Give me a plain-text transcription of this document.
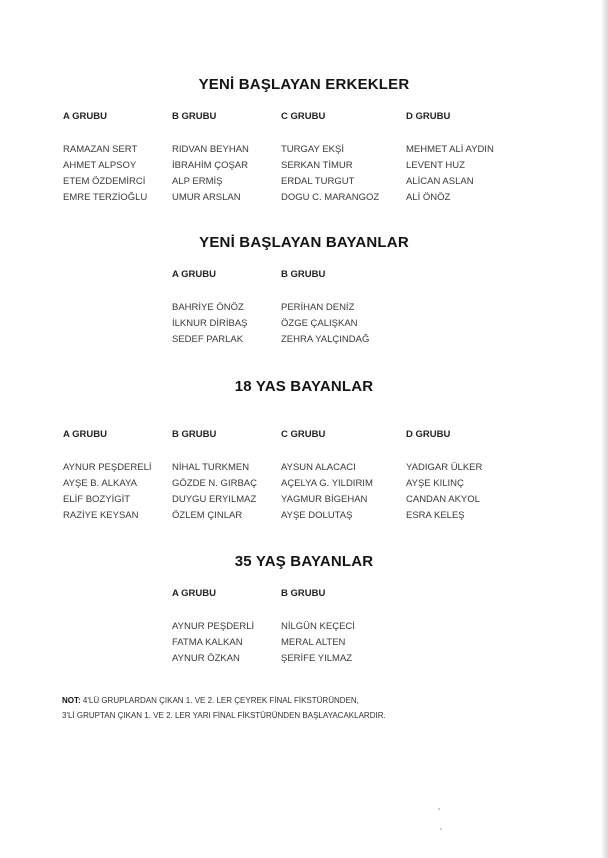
YENİ BAŞLAYAN ERKEKLER
A GRUBU
RAMAZAN SERT
AHMET ALPSOY
ETEM ÖZDEMİRCİ
EMRE TERZİOĞLU
B GRUBU
RIDVAN BEYHAN
İBRAHİM ÇOŞAR
ALP ERMİŞ
UMUR ARSLAN
C GRUBU
TURGAY EKŞİ
SERKAN TİMUR
ERDAL TURGUT
DOGU C. MARANGOZ
D GRUBU
MEHMET ALİ AYDIN
LEVENT HUZ
ALİCAN ASLAN
ALİ ÖNÖZ
YENİ BAŞLAYAN BAYANLAR
A GRUBU
BAHRİYE ÖNÖZ
İLKNUR DİRİBAŞ
SEDEF PARLAK
B GRUBU
PERİHAN DENİZ
ÖZGE ÇALIŞKAN
ZEHRA YALÇINDAĞ
18 YAS BAYANLAR
A GRUBU
AYNUR PEŞDERELİ
AYŞE B. ALKAYA
ELİF BOZYİGİT
RAZİYE KEYSAN
B GRUBU
NİHAL TURKMEN
GÖZDE N. GIRBAÇ
DUYGU ERYILMAZ
ÖZLEM ÇINLAR
C GRUBU
AYSUN ALACACI
AÇELYA G. YILDIRIM
YAGMUR BİGEHAN
AYŞE DOLUTAŞ
D GRUBU
YADIGAR ÜLKER
AYŞE KILINÇ
CANDAN AKYOL
ESRA KELEŞ
35 YAŞ BAYANLAR
A GRUBU
AYNUR PEŞDERLİ
FATMA KALKAN
AYNUR ÖZKAN
B GRUBU
NİLGÜN KEÇECİ
MERAL ALTEN
ŞERİFE YILMAZ
NOT: 4'LÜ GRUPLARDAN ÇIKAN 1. VE 2. LER ÇEYREK FİNAL FİKSTÜRÜNDEN,
3'Lİ GRUPTAN ÇIKAN 1. VE 2. LER YARI FİNAL FİKSTÜRÜNDEN BAŞLAYACAKLARDIR.
